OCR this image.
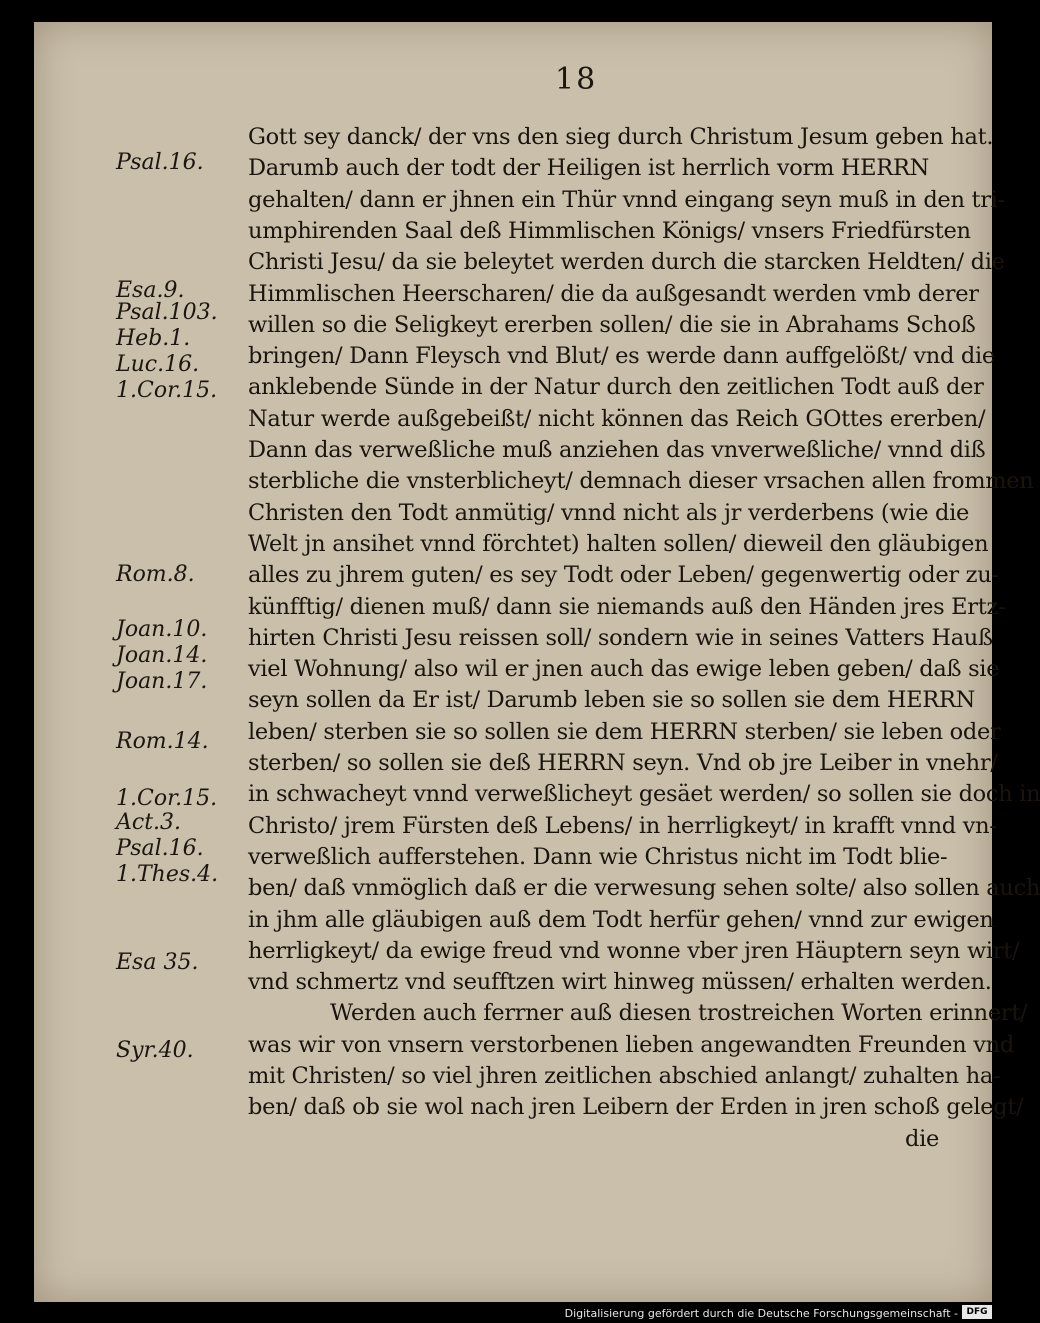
18
Psal.16.
Esa.9.
Psal.103.
Heb.1.
Luc.16.
1.Cor.15.
Rom.8.
Joan.10.
Joan.14.
Joan.17.
Rom.14.
1.Cor.15.
Act.3.
Psal.16.
1.Thes.4.
Esa 35.
Syr.40.
Gott sey danck/ der vns den sieg durch Christum Jesum geben hat.
Darumb auch der todt der Heiligen ist herrlich vorm HERRN
gehalten/ dann er jhnen ein Thür vnnd eingang seyn muß in den tri-
umphirenden Saal deß Himmlischen Königs/ vnsers Friedfürsten
Christi Jesu/ da sie beleytet werden durch die starcken Heldten/ die
Himmlischen Heerscharen/ die da außgesandt werden vmb derer
willen so die Seligkeyt ererben sollen/ die sie in Abrahams Schoß
bringen/ Dann Fleysch vnd Blut/ es werde dann auffgelößt/ vnd die
anklebende Sünde in der Natur durch den zeitlichen Todt auß der
Natur werde außgebeißt/ nicht können das Reich GOttes ererben/
Dann das verweßliche muß anziehen das vnverweßliche/ vnnd diß
sterbliche die vnsterblicheyt/ demnach dieser vrsachen allen frommen
Christen den Todt anmütig/ vnnd nicht als jr verderbens (wie die
Welt jn ansihet vnnd förchtet) halten sollen/ dieweil den gläubigen
alles zu jhrem guten/ es sey Todt oder Leben/ gegenwertig oder zu-
künfftig/ dienen muß/ dann sie niemands auß den Händen jres Ertz-
hirten Christi Jesu reissen soll/ sondern wie in seines Vatters Hauß
viel Wohnung/ also wil er jnen auch das ewige leben geben/ daß sie
seyn sollen da Er ist/ Darumb leben sie so sollen sie dem HERRN
leben/ sterben sie so sollen sie dem HERRN sterben/ sie leben oder
sterben/ so sollen sie deß HERRN seyn. Vnd ob jre Leiber in vnehr/
in schwacheyt vnnd verweßlicheyt gesäet werden/ so sollen sie doch in
Christo/ jrem Fürsten deß Lebens/ in herrligkeyt/ in krafft vnnd vn-
verweßlich aufferstehen. Dann wie Christus nicht im Todt blie-
ben/ daß vnmöglich daß er die verwesung sehen solte/ also sollen auch
in jhm alle gläubigen auß dem Todt herfür gehen/ vnnd zur ewigen
herrligkeyt/ da ewige freud vnd wonne vber jren Häuptern seyn wirt/
vnd schmertz vnd seufftzen wirt hinweg müssen/ erhalten werden.
Werden auch ferrner auß diesen trostreichen Worten erinnert/
was wir von vnsern verstorbenen lieben angewandten Freunden vnd
mit Christen/ so viel jhren zeitlichen abschied anlangt/ zuhalten ha-
ben/ daß ob sie wol nach jren Leibern der Erden in jren schoß gelegt/
die
Digitalisierung gefördert durch die Deutsche Forschungsgemeinschaft - DFG
